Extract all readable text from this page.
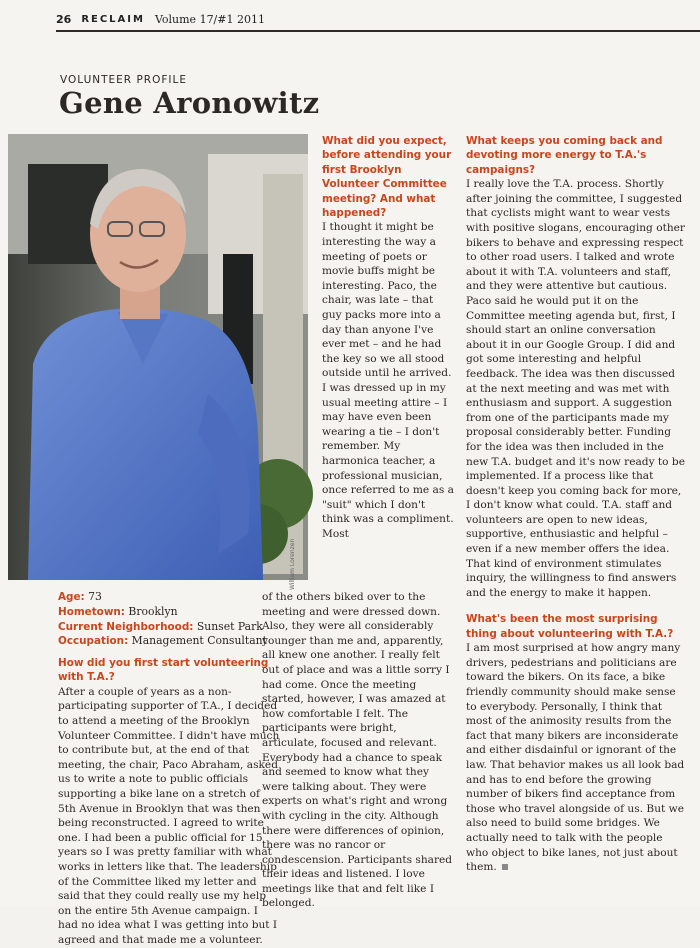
26 RECLAIM Volume 17/#1 2011
VOLUNTEER PROFILE
Gene Aronowitz
William Lorenzen
Age: 73
Hometown: Brooklyn
Current Neighborhood: Sunset Park
Occupation: Management Consultant

How did you first start volunteering with T.A.?

After a couple of years as a non-participating supporter of T.A., I decided to attend a meeting of the Brooklyn Volunteer Committee. I didn't have much to contribute but, at the end of that meeting, the chair, Paco Abraham, asked us to write a note to public officials supporting a bike lane on a stretch of 5th Avenue in Brooklyn that was then being reconstructed. I agreed to write one. I had been a public official for 15 years so I was pretty familiar with what works in letters like that. The leadership of the Committee liked my letter and said that they could really use my help on the entire 5th Avenue campaign. I had no idea what I was getting into but I agreed and that made me a volunteer.

What did you expect, before attending your first Brooklyn Volunteer Committee meeting? And what happened?

I thought it might be interesting the way a meeting of poets or movie buffs might be interesting. Paco, the chair, was late – that guy packs more into a day than anyone I've ever met – and he had the key so we all stood outside until he arrived. I was dressed up in my usual meeting attire – I may have even been wearing a tie – I don't remember. My harmonica teacher, a professional musician, once referred to me as a "suit" which I don't think was a compliment. Most

of the others biked over to the meeting and were dressed down. Also, they were all considerably younger than me and, apparently, all knew one another. I really felt out of place and was a little sorry I had come. Once the meeting started, however, I was amazed at how comfortable I felt. The participants were bright, articulate, focused and relevant. Everybody had a chance to speak and seemed to know what they were talking about. They were experts on what's right and wrong with cycling in the city. Although there were differences of opinion, there was no rancor or condescension. Participants shared their ideas and listened. I love meetings like that and felt like I belonged.

What keeps you coming back and devoting more energy to T.A.'s campaigns?

I really love the T.A. process. Shortly after joining the committee, I suggested that cyclists might want to wear vests with positive slogans, encouraging other bikers to behave and expressing respect to other road users. I talked and wrote about it with T.A. volunteers and staff, and they were attentive but cautious. Paco said he would put it on the Committee meeting agenda but, first, I should start an online conversation about it in our Google Group. I did and got some interesting and helpful feedback. The idea was then discussed at the next meeting and was met with enthusiasm and support. A suggestion from one of the participants made my proposal considerably better. Funding for the idea was then included in the new T.A. budget and it's now ready to be implemented. If a process like that doesn't keep you coming back for more, I don't know what could. T.A. staff and volunteers are open to new ideas, supportive, enthusiastic and helpful – even if a new member offers the idea. That kind of environment stimulates inquiry, the willingness to find answers and the energy to make it happen.

What's been the most surprising thing about volunteering with T.A.?

I am most surprised at how angry many drivers, pedestrians and politicians are toward the bikers. On its face, a bike friendly community should make sense to everybody. Personally, I think that most of the animosity results from the fact that many bikers are inconsiderate and either disdainful or ignorant of the law. That behavior makes us all look bad and has to end before the growing number of bikers find acceptance from those who travel alongside of us. But we also need to build some bridges. We actually need to talk with the people who object to bike lanes, not just about them.
